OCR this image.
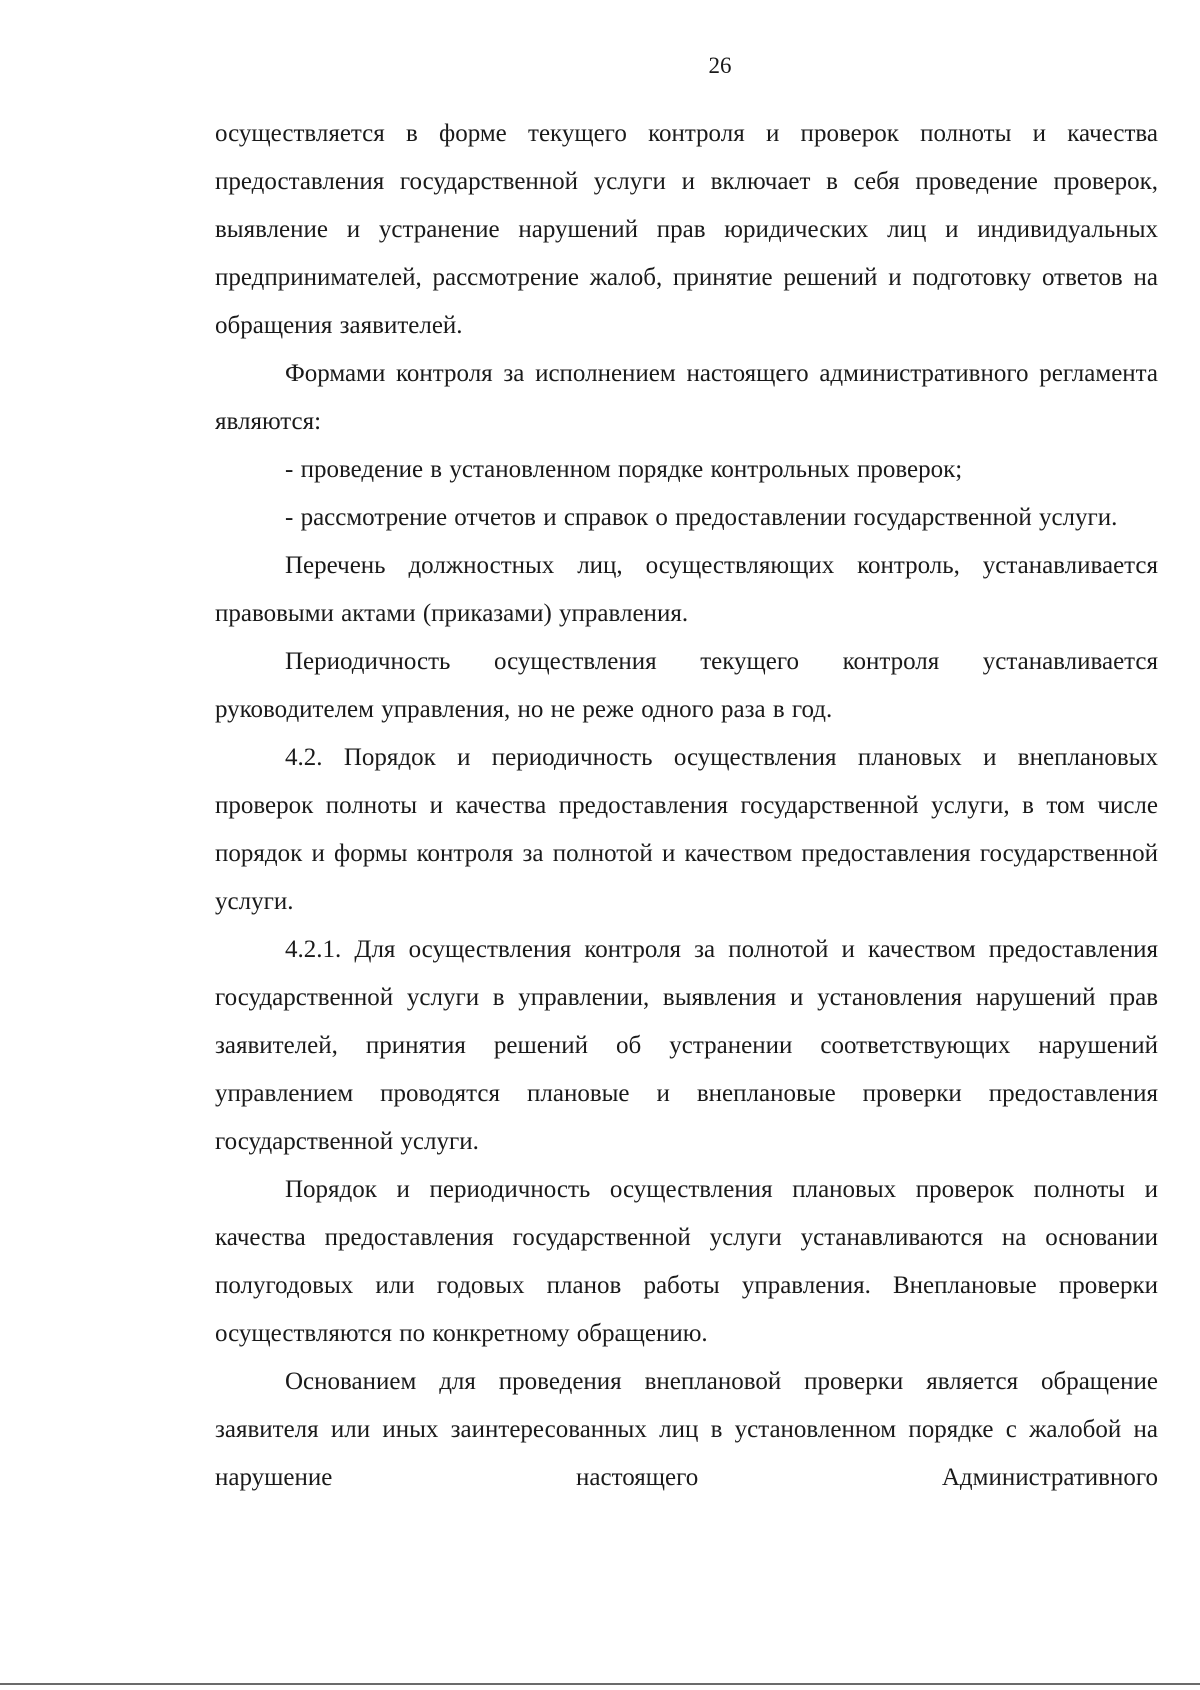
26

осуществляется в форме текущего контроля и проверок полноты и качества предоставления государственной услуги и включает в себя проведение проверок, выявление и устранение нарушений прав юридических лиц и индивидуальных предпринимателей, рассмотрение жалоб, принятие решений и подготовку ответов на обращения заявителей.

Формами контроля за исполнением настоящего административного регламента являются:

- проведение в установленном порядке контрольных проверок;

- рассмотрение отчетов и справок о предоставлении государственной услуги.

Перечень должностных лиц, осуществляющих контроль, устанавливается правовыми актами (приказами) управления.

Периодичность осуществления текущего контроля устанавливается руководителем управления, но не реже одного раза в год.

4.2. Порядок и периодичность осуществления плановых и внеплановых проверок полноты и качества предоставления государственной услуги, в том числе порядок и формы контроля за полнотой и качеством предоставления государственной услуги.

4.2.1. Для осуществления контроля за полнотой и качеством предоставления государственной услуги в управлении, выявления и установления нарушений прав заявителей, принятия решений об устранении соответствующих нарушений управлением проводятся плановые и внеплановые проверки предоставления государственной услуги.

Порядок и периодичность осуществления плановых проверок полноты и качества предоставления государственной услуги устанавливаются на основании полугодовых или годовых планов работы управления. Внеплановые проверки осуществляются по конкретному обращению.

Основанием для проведения внеплановой проверки является обращение заявителя или иных заинтересованных лиц в установленном порядке с жалобой на нарушение настоящего Административного
